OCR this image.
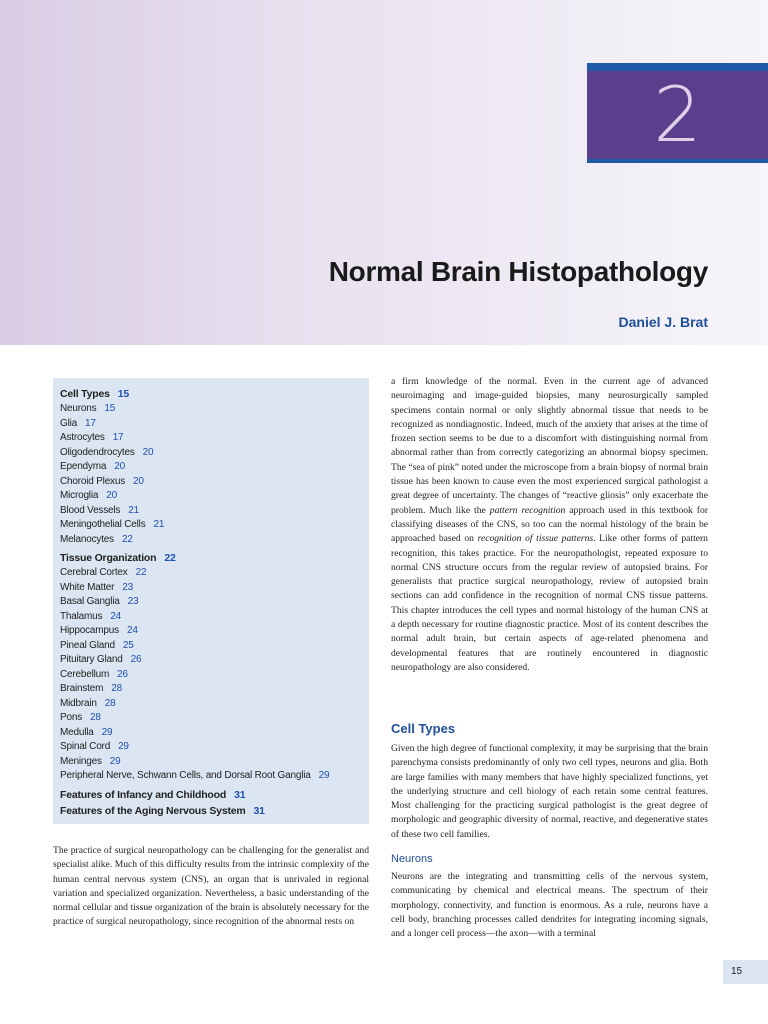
2
Normal Brain Histopathology
Daniel J. Brat
Cell Types 15
Neurons 15
Glia 17
Astrocytes 17
Oligodendrocytes 20
Ependyma 20
Choroid Plexus 20
Microglia 20
Blood Vessels 21
Meningothelial Cells 21
Melanocytes 22
Tissue Organization 22
Cerebral Cortex 22
White Matter 23
Basal Ganglia 23
Thalamus 24
Hippocampus 24
Pineal Gland 25
Pituitary Gland 26
Cerebellum 26
Brainstem 28
Midbrain 28
Pons 28
Medulla 29
Spinal Cord 29
Meninges 29
Peripheral Nerve, Schwann Cells, and Dorsal Root Ganglia 29
Features of Infancy and Childhood 31
Features of the Aging Nervous System 31

The practice of surgical neuropathology can be challenging for the generalist and specialist alike. Much of this difficulty results from the intrinsic complexity of the human central nervous system (CNS), an organ that is unrivaled in regional variation and specialized organization. Nevertheless, a basic understanding of the normal cellular and tissue organization of the brain is absolutely necessary for the practice of surgical neuropathology, since recognition of the abnormal rests on

a firm knowledge of the normal. Even in the current age of advanced neuroimaging and image-guided biopsies, many neurosurgically sampled specimens contain normal or only slightly abnormal tissue that needs to be recognized as nondiagnostic. Indeed, much of the anxiety that arises at the time of frozen section seems to be due to a discomfort with distinguishing normal from abnormal rather than from correctly categorizing an abnormal biopsy specimen. The “sea of pink” noted under the microscope from a brain biopsy of normal brain tissue has been known to cause even the most experienced surgical pathologist a great degree of uncertainty. The changes of “reactive gliosis” only exacerbate the problem. Much like the pattern recognition approach used in this textbook for classifying diseases of the CNS, so too can the normal histology of the brain be approached based on recognition of tissue patterns. Like other forms of pattern recognition, this takes practice. For the neuropathologist, repeated exposure to normal CNS structure occurs from the regular review of autopsied brains. For generalists that practice surgical neuropathology, review of autopsied brain sections can add confidence in the recognition of normal CNS tissue patterns. This chapter introduces the cell types and normal histology of the human CNS at a depth necessary for routine diagnostic practice. Most of its content describes the normal adult brain, but certain aspects of age-related phenomena and developmental features that are routinely encountered in diagnostic neuropathology are also considered.

Cell Types

Given the high degree of functional complexity, it may be surprising that the brain parenchyma consists predominantly of only two cell types, neurons and glia. Both are large families with many members that have highly specialized functions, yet the underlying structure and cell biology of each retain some central features. Most challenging for the practicing surgical pathologist is the great degree of morphologic and geographic diversity of normal, reactive, and degenerative states of these two cell families.

Neurons

Neurons are the integrating and transmitting cells of the nervous system, communicating by chemical and electrical means. The spectrum of their morphology, connectivity, and function is enormous. As a rule, neurons have a cell body, branching processes called dendrites for integrating incoming signals, and a longer cell process—the axon—with a terminal

15
